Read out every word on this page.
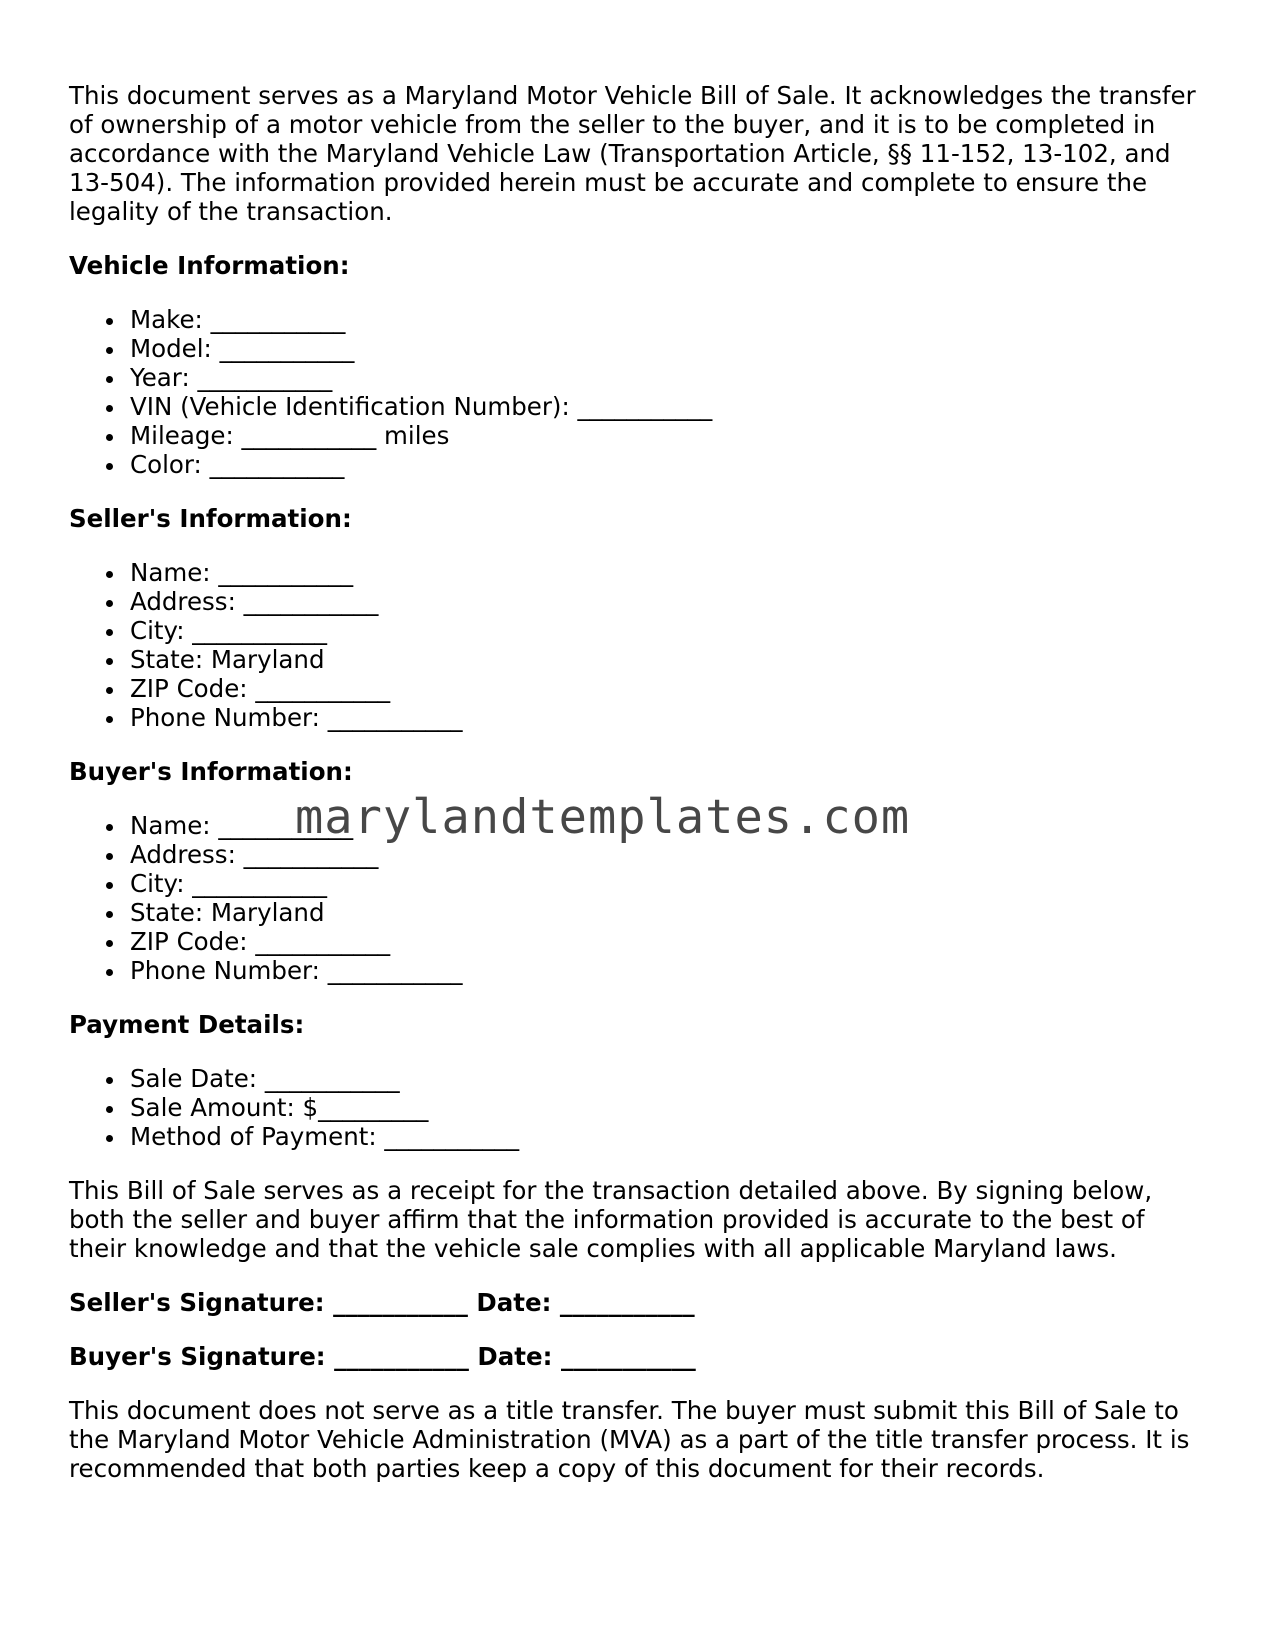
This document serves as a Maryland Motor Vehicle Bill of Sale. It acknowledges the transfer of ownership of a motor vehicle from the seller to the buyer, and it is to be completed in accordance with the Maryland Vehicle Law (Transportation Article, §§ 11-152, 13-102, and 13-504). The information provided herein must be accurate and complete to ensure the legality of the transaction.

Vehicle Information:

Make: ___________
Model: ___________
Year: ___________
VIN (Vehicle Identification Number): ___________
Mileage: ___________ miles
Color: ___________

Seller's Information:

Name: ___________
Address: ___________
City: ___________
State: Maryland
ZIP Code: ___________
Phone Number: ___________

Buyer's Information:

Name: ___________
Address: ___________
City: ___________
State: Maryland
ZIP Code: ___________
Phone Number: ___________

Payment Details:

Sale Date: ___________
Sale Amount: $_________
Method of Payment: ___________

This Bill of Sale serves as a receipt for the transaction detailed above. By signing below, both the seller and buyer affirm that the information provided is accurate to the best of their knowledge and that the vehicle sale complies with all applicable Maryland laws.

Seller's Signature: ___________ Date: ___________

Buyer's Signature: ___________ Date: ___________

This document does not serve as a title transfer. The buyer must submit this Bill of Sale to the Maryland Motor Vehicle Administration (MVA) as a part of the title transfer process. It is recommended that both parties keep a copy of this document for their records.

marylandtemplates.com
